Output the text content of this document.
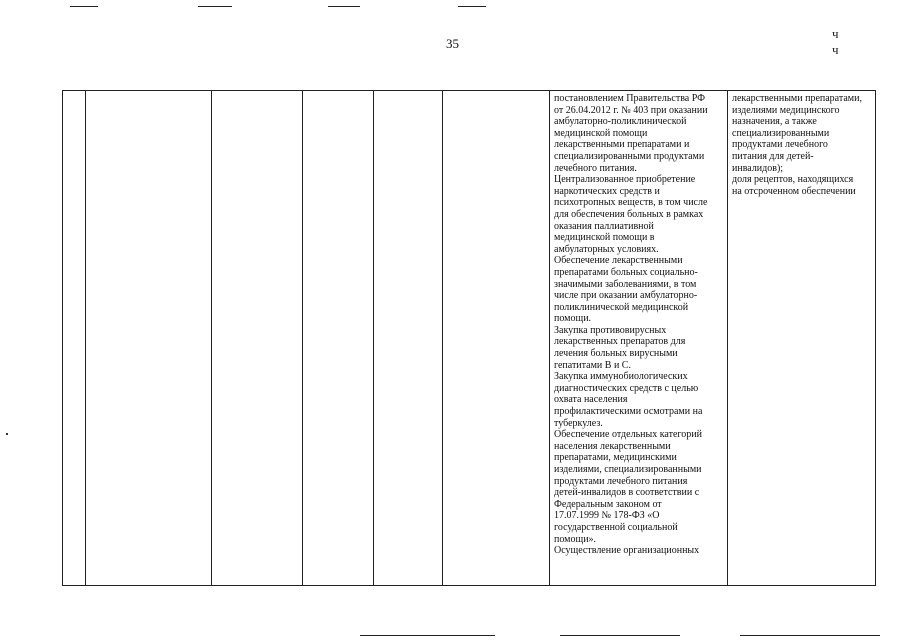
35
ч ч
постановлением Правительства РФ
от 26.04.2012 г. № 403 при оказании
амбулаторно-поликлинической
медицинской помощи
лекарственными препаратами и
специализированными продуктами
лечебного питания.
Централизованное приобретение
наркотических средств и
психотропных веществ, в том числе
для обеспечения больных в рамках
оказания паллиативной
медицинской помощи в
амбулаторных условиях.
Обеспечение лекарственными
препаратами больных социально-
значимыми заболеваниями, в том
числе при оказании амбулаторно-
поликлинической медицинской
помощи.
Закупка противовирусных
лекарственных препаратов для
лечения больных вирусными
гепатитами В и С.
Закупка иммунобиологических
диагностических средств с целью
охвата населения
профилактическими осмотрами на
туберкулез.
Обеспечение отдельных категорий
населения лекарственными
препаратами, медицинскими
изделиями, специализированными
продуктами лечебного питания
детей-инвалидов в соответствии с
Федеральным законом от
17.07.1999 № 178-ФЗ «О
государственной социальной
помощи».
Осуществление организационных
лекарственными препаратами,
изделиями медицинского
назначения, а также
специализированными
продуктами лечебного
питания для детей-
инвалидов);
доля рецептов, находящихся
на отсроченном обеспечении
